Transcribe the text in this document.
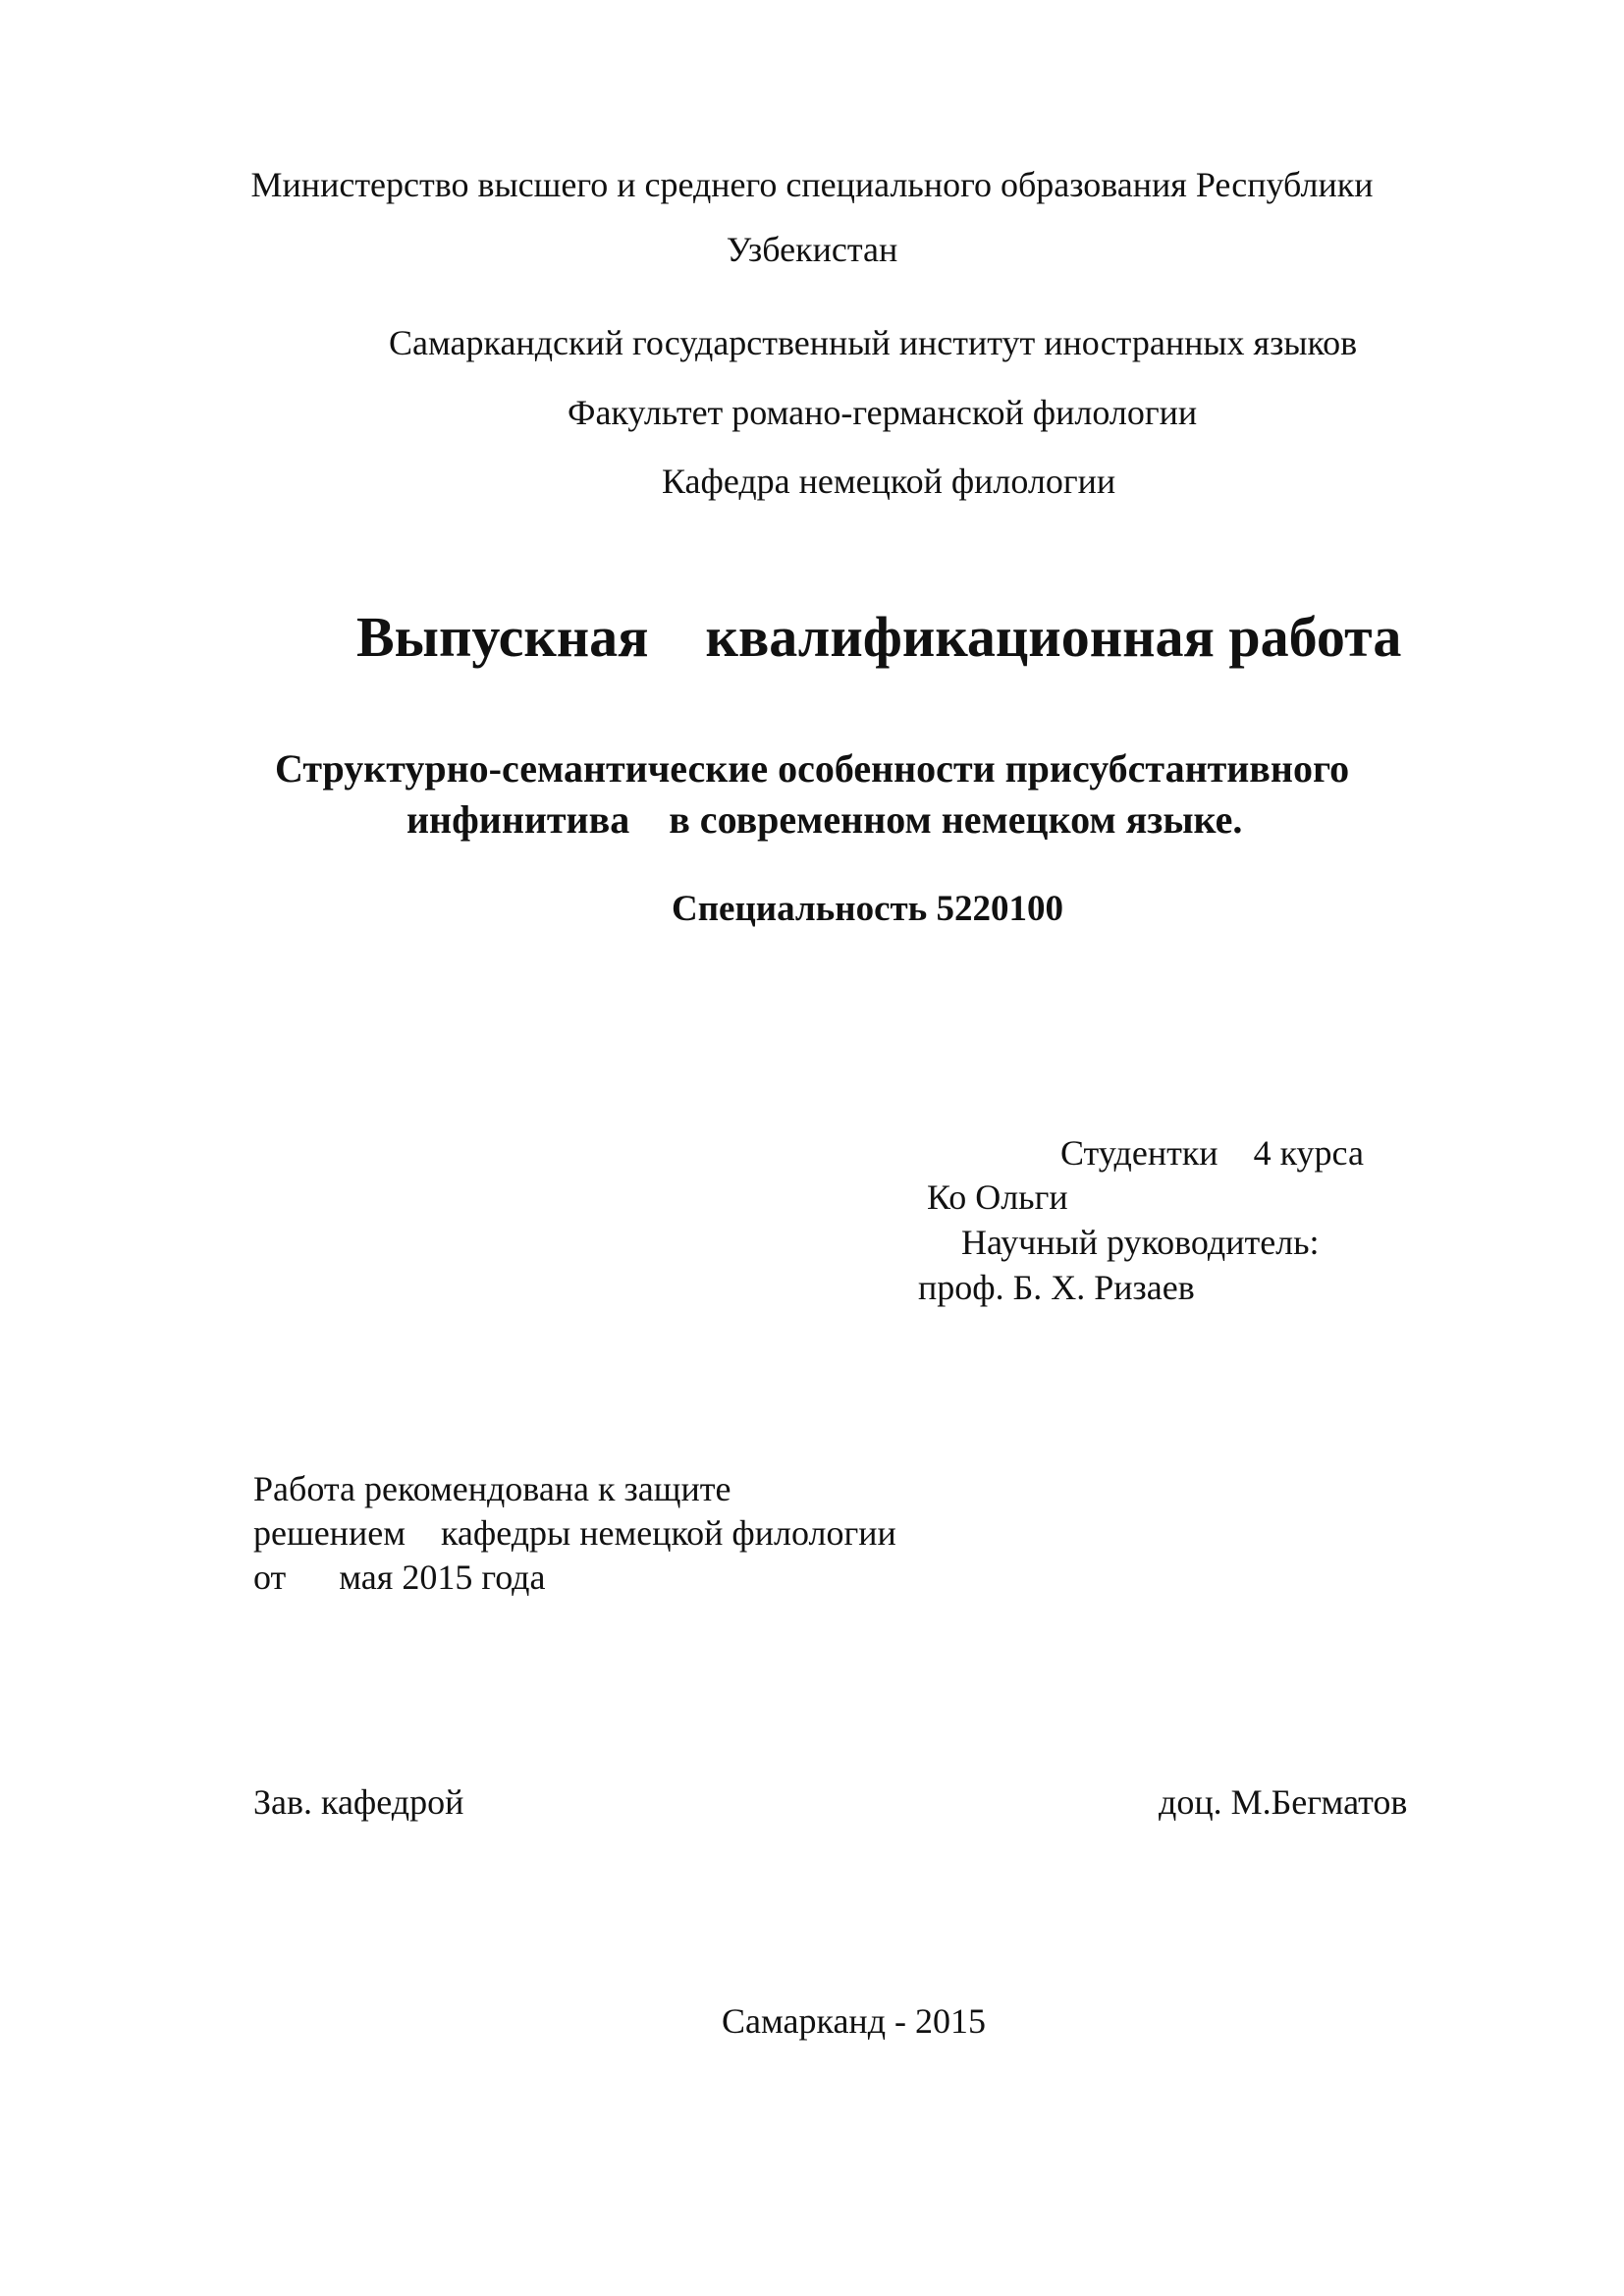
Министерство высшего и среднего специального образования Республики
Узбекистан
Самаркандский государственный институт иностранных языков
Факультет романо-германской филологии
Кафедра немецкой филологии
Выпускная    квалификационная работа
Структурно-семантические особенности присубстантивного
инфинитива    в современном немецком языке.
Специальность 5220100
Студентки    4 курса
Ко Ольги
Научный руководитель:
проф. Б. Х. Ризаев
Работа рекомендована к защите
решением    кафедры немецкой филологии
от      мая 2015 года
Зав. кафедрой	доц. М.Бегматов
Самарканд - 2015
